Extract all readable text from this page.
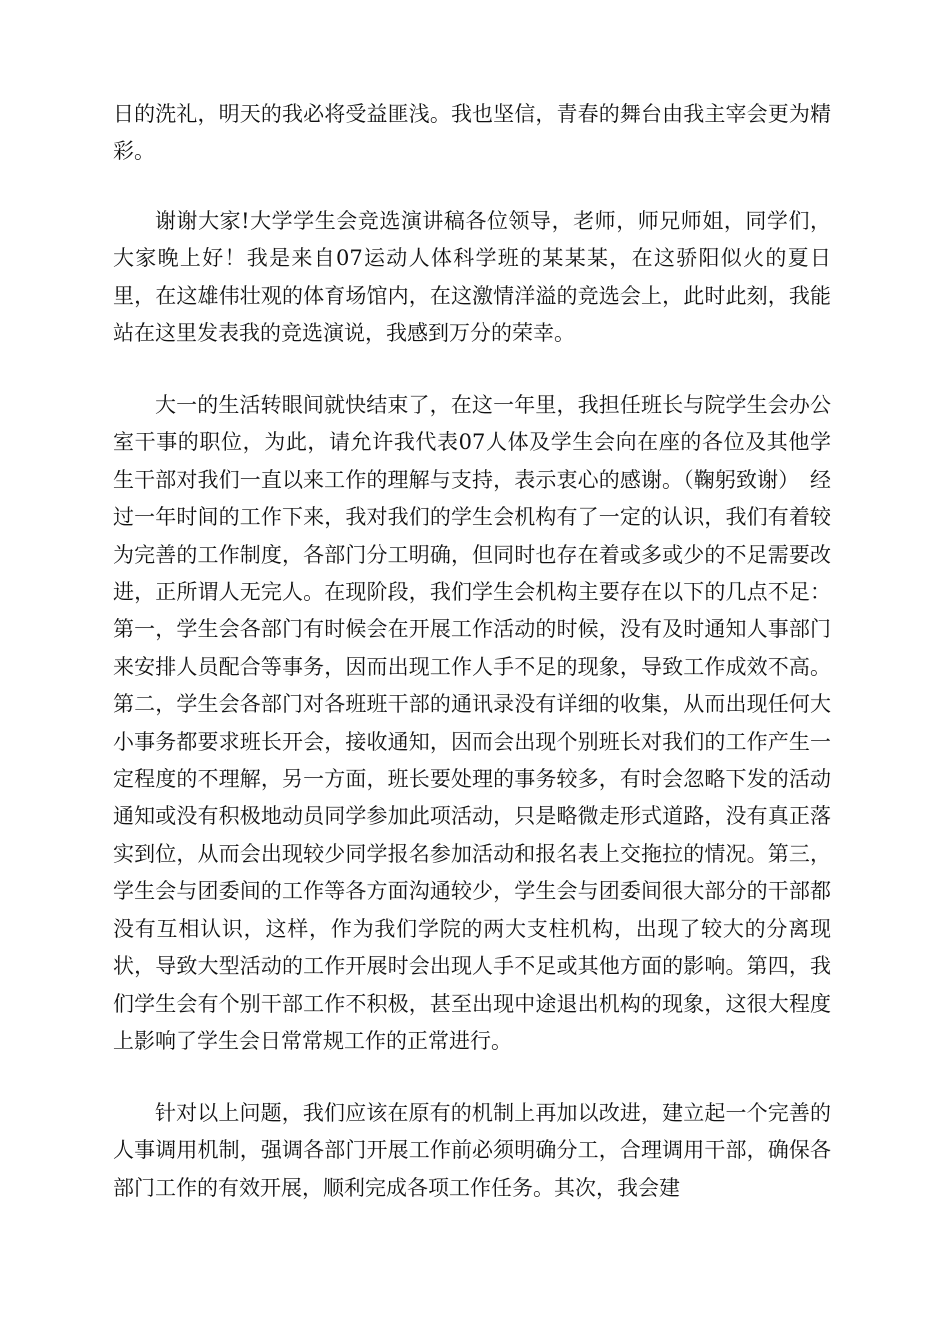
日的洗礼，明天的我必将受益匪浅。我也坚信，青春的舞台由我主宰会更为精彩。

谢谢大家!大学学生会竞选演讲稿各位领导，老师，师兄师姐，同学们，大家晚上好！我是来自07运动人体科学班的某某某，在这骄阳似火的夏日里，在这雄伟壮观的体育场馆内，在这激情洋溢的竞选会上，此时此刻，我能站在这里发表我的竞选演说，我感到万分的荣幸。

大一的生活转眼间就快结束了，在这一年里，我担任班长与院学生会办公室干事的职位，为此，请允许我代表07人体及学生会向在座的各位及其他学生干部对我们一直以来工作的理解与支持，表示衷心的感谢。（鞠躬致谢）　经过一年时间的工作下来，我对我们的学生会机构有了一定的认识，我们有着较为完善的工作制度，各部门分工明确，但同时也存在着或多或少的不足需要改进，正所谓人无完人。在现阶段，我们学生会机构主要存在以下的几点不足：第一，学生会各部门有时候会在开展工作活动的时候，没有及时通知人事部门来安排人员配合等事务，因而出现工作人手不足的现象，导致工作成效不高。第二，学生会各部门对各班班干部的通讯录没有详细的收集，从而出现任何大小事务都要求班长开会，接收通知，因而会出现个别班长对我们的工作产生一定程度的不理解，另一方面，班长要处理的事务较多，有时会忽略下发的活动通知或没有积极地动员同学参加此项活动，只是略微走形式道路，没有真正落实到位，从而会出现较少同学报名参加活动和报名表上交拖拉的情况。第三，学生会与团委间的工作等各方面沟通较少，学生会与团委间很大部分的干部都没有互相认识，这样，作为我们学院的两大支柱机构，出现了较大的分离现状，导致大型活动的工作开展时会出现人手不足或其他方面的影响。第四，我们学生会有个别干部工作不积极，甚至出现中途退出机构的现象，这很大程度上影响了学生会日常常规工作的正常进行。

针对以上问题，我们应该在原有的机制上再加以改进，建立起一个完善的人事调用机制，强调各部门开展工作前必须明确分工，合理调用干部，确保各部门工作的有效开展，顺利完成各项工作任务。其次，我会建
